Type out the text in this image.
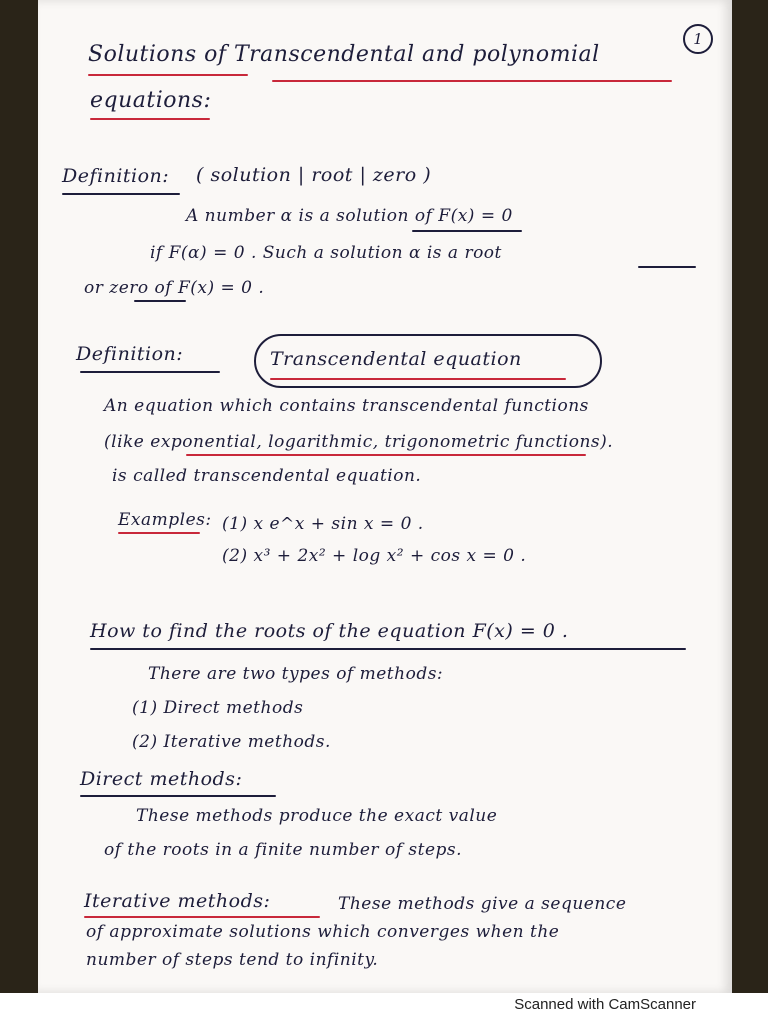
Scanned with CamScanner
1
Solutions of Transcendental and polynomial
equations:
Definition: ( solution | root | zero )
A number α is a solution of F(x) = 0
if F(α) = 0 . Such a solution α is a root
or zero of F(x) = 0 .
Definition:	Transcendental equation
An equation which contains transcendental functions
(like exponential, logarithmic, trigonometric functions).
is called transcendental equation.
Examples: (1) x e^x + sin x = 0 .
(2) x³ + 2x² + log x² + cos x = 0 .
How to find the roots of the equation F(x) = 0 .
There are two types of methods:
(1) Direct methods
(2) Iterative methods.
Direct methods:
These methods produce the exact value
of the roots in a finite number of steps.
Iterative methods:	These methods give a sequence
of approximate solutions which converges when the
number of steps tend to infinity.
